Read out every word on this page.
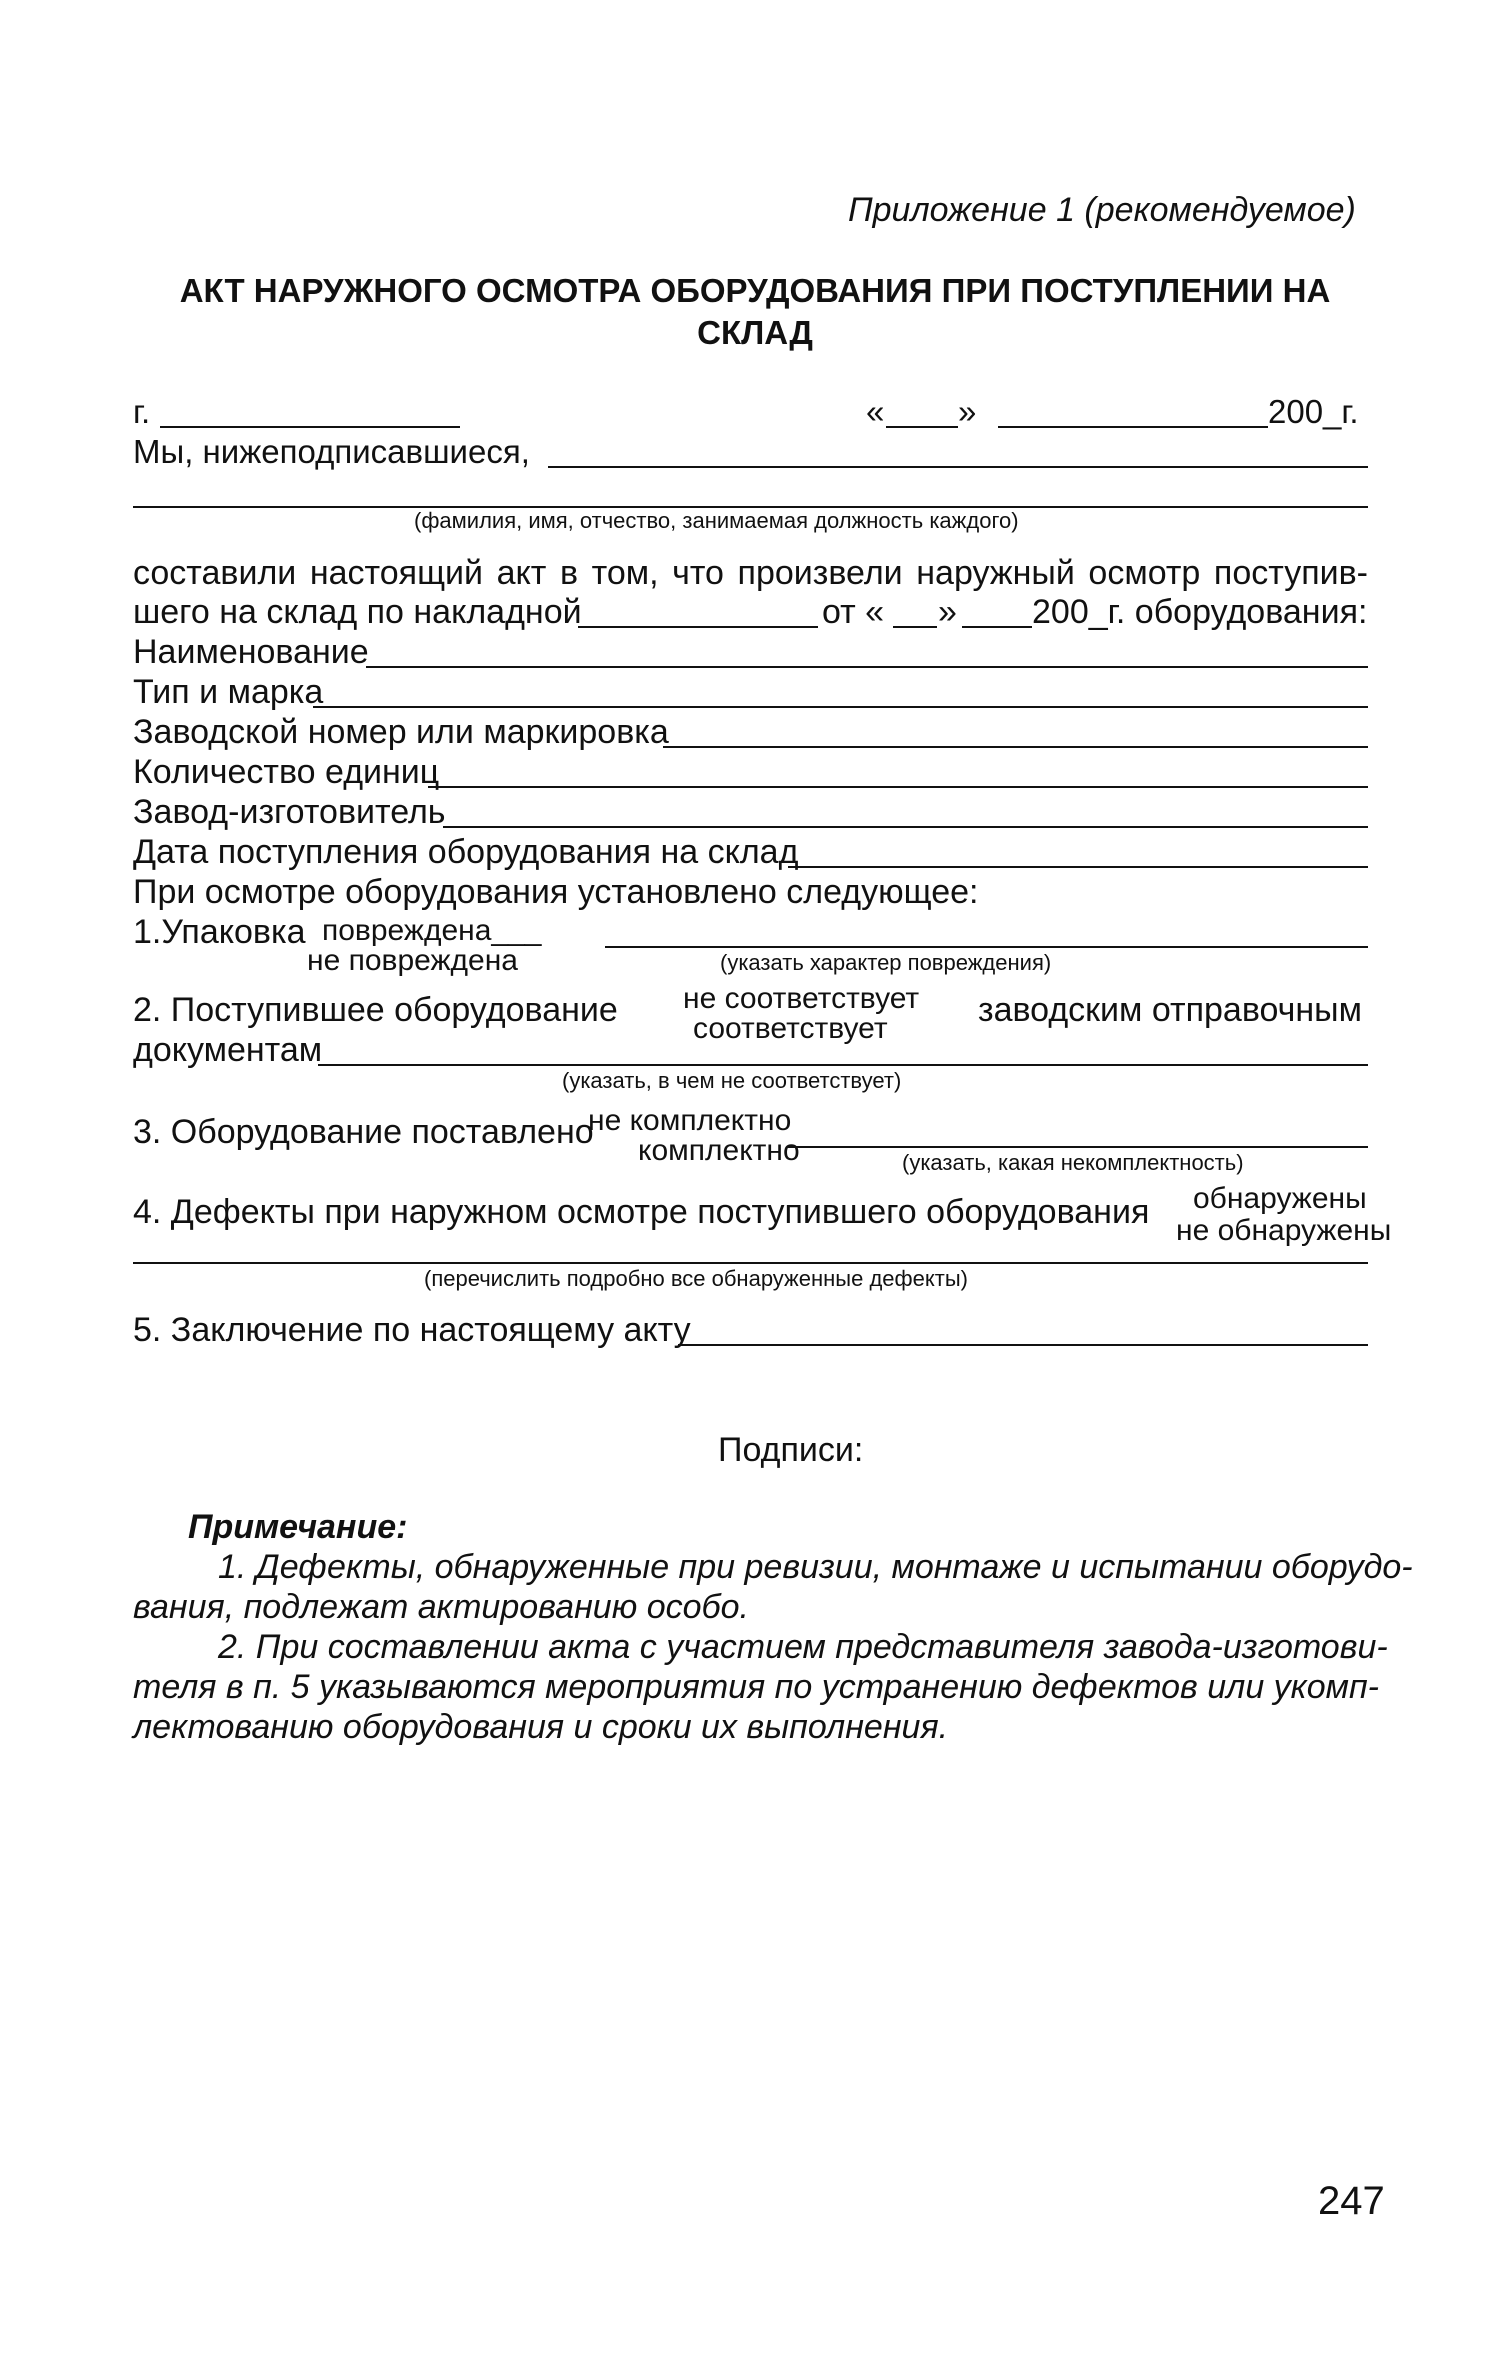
Приложение 1 (рекомендуемое)
АКТ НАРУЖНОГО ОСМОТРА ОБОРУДОВАНИЯ ПРИ ПОСТУПЛЕНИИ НА
СКЛАД
г.	« »	200_г.
Мы, нижеподписавшиеся,
(фамилия, имя, отчество, занимаемая должность каждого)
составили настоящий акт в том, что произвели наружный осмотр поступив-
шего на склад по накладной	от « » 200_г. оборудования:
Наименование
Тип и марка
Заводской номер или маркировка
Количество единиц
Завод-изготовитель
Дата поступления оборудования на склад
При осмотре оборудования установлено следующее:
1.Упаковка повреждена___
не повреждена	(указать характер повреждения)
2. Поступившее оборудование не соответствует
соответствует	заводским отправочным
документам
(указать, в чем не соответствует)
3. Оборудование поставлено
не комплектно
комплектно	(указать, какая некомплектность)
4. Дефекты при наружном осмотре поступившего оборудования обнаружены
не обнаружены
(перечислить подробно все обнаруженные дефекты)
5. Заключение по настоящему акту
Подписи:
Примечание:
1. Дефекты, обнаруженные при ревизии, монтаже и испытании оборудо-
вания, подлежат актированию особо.
2. При составлении акта с участием представителя завода-изготови-
теля в п. 5 указываются мероприятия по устранению дефектов или укомп-
лектованию оборудования и сроки их выполнения.
247
